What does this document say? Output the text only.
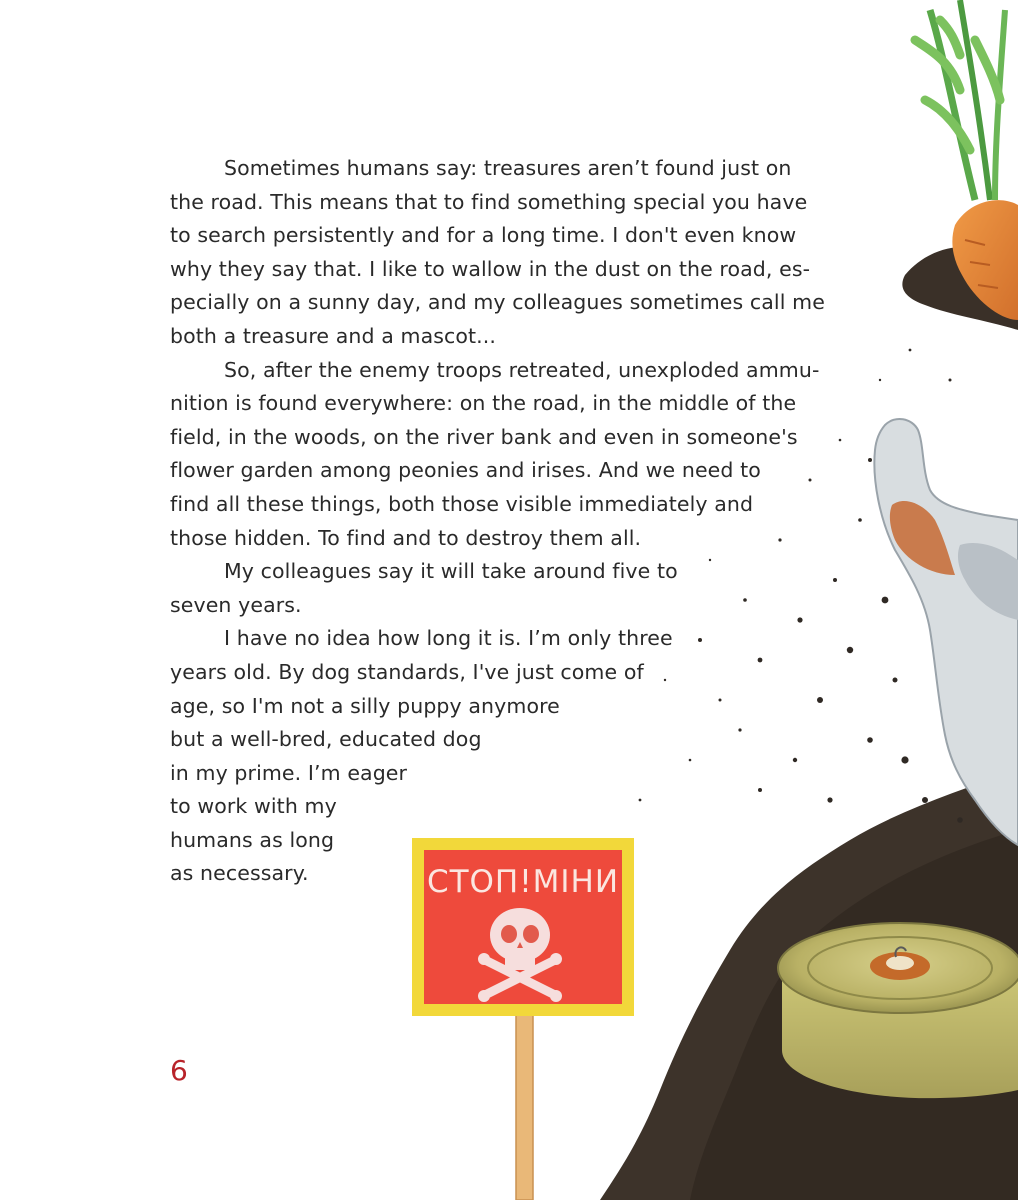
СТОП!МІНИ
Sometimes humans say: treasures aren’t found just on
the road. This means that to find something special you have
to search persistently and for a long time. I don't even know
why they say that. I like to wallow in the dust on the road, es-
pecially on a sunny day, and my colleagues sometimes call me
both a treasure and a mascot...
So, after the enemy troops retreated, unexploded ammu-
nition is found everywhere: on the road, in the middle of the
field, in the woods, on the river bank and even in someone's
flower garden among peonies and irises. And we need to
find all these things, both those visible immediately and
those hidden. To find and to destroy them all.
My colleagues say it will take around five to
seven years.
I have no idea how long it is. I’m only three
years old. By dog standards, I've just come of
age, so I'm not a silly puppy anymore
but a well-bred, educated dog
in my prime. I’m eager
to work with my
humans as long
as necessary.
6
